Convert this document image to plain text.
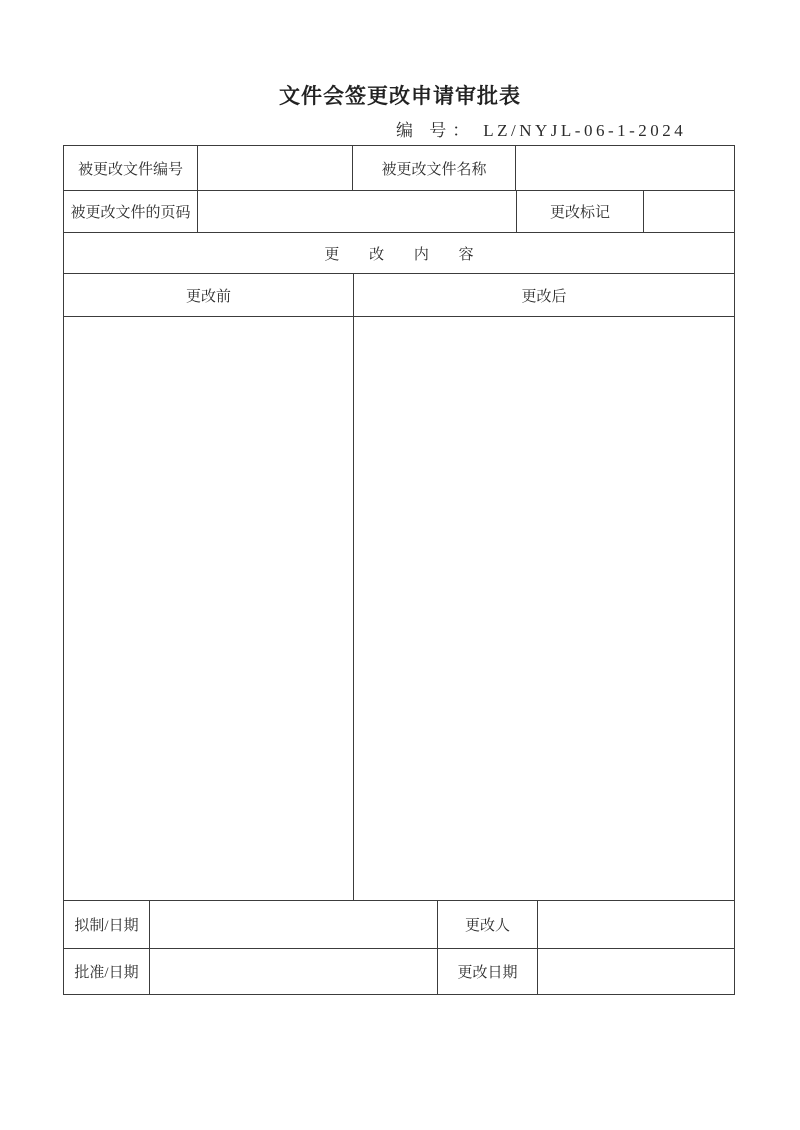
文件会签更改申请审批表
编 号： LZ/NYJL-06-1-2024
被更改文件编号	被更改文件名称
被更改文件的页码	更改标记
更 改 内 容
更改前	更改后
拟制/日期	更改人
批准/日期	更改日期
